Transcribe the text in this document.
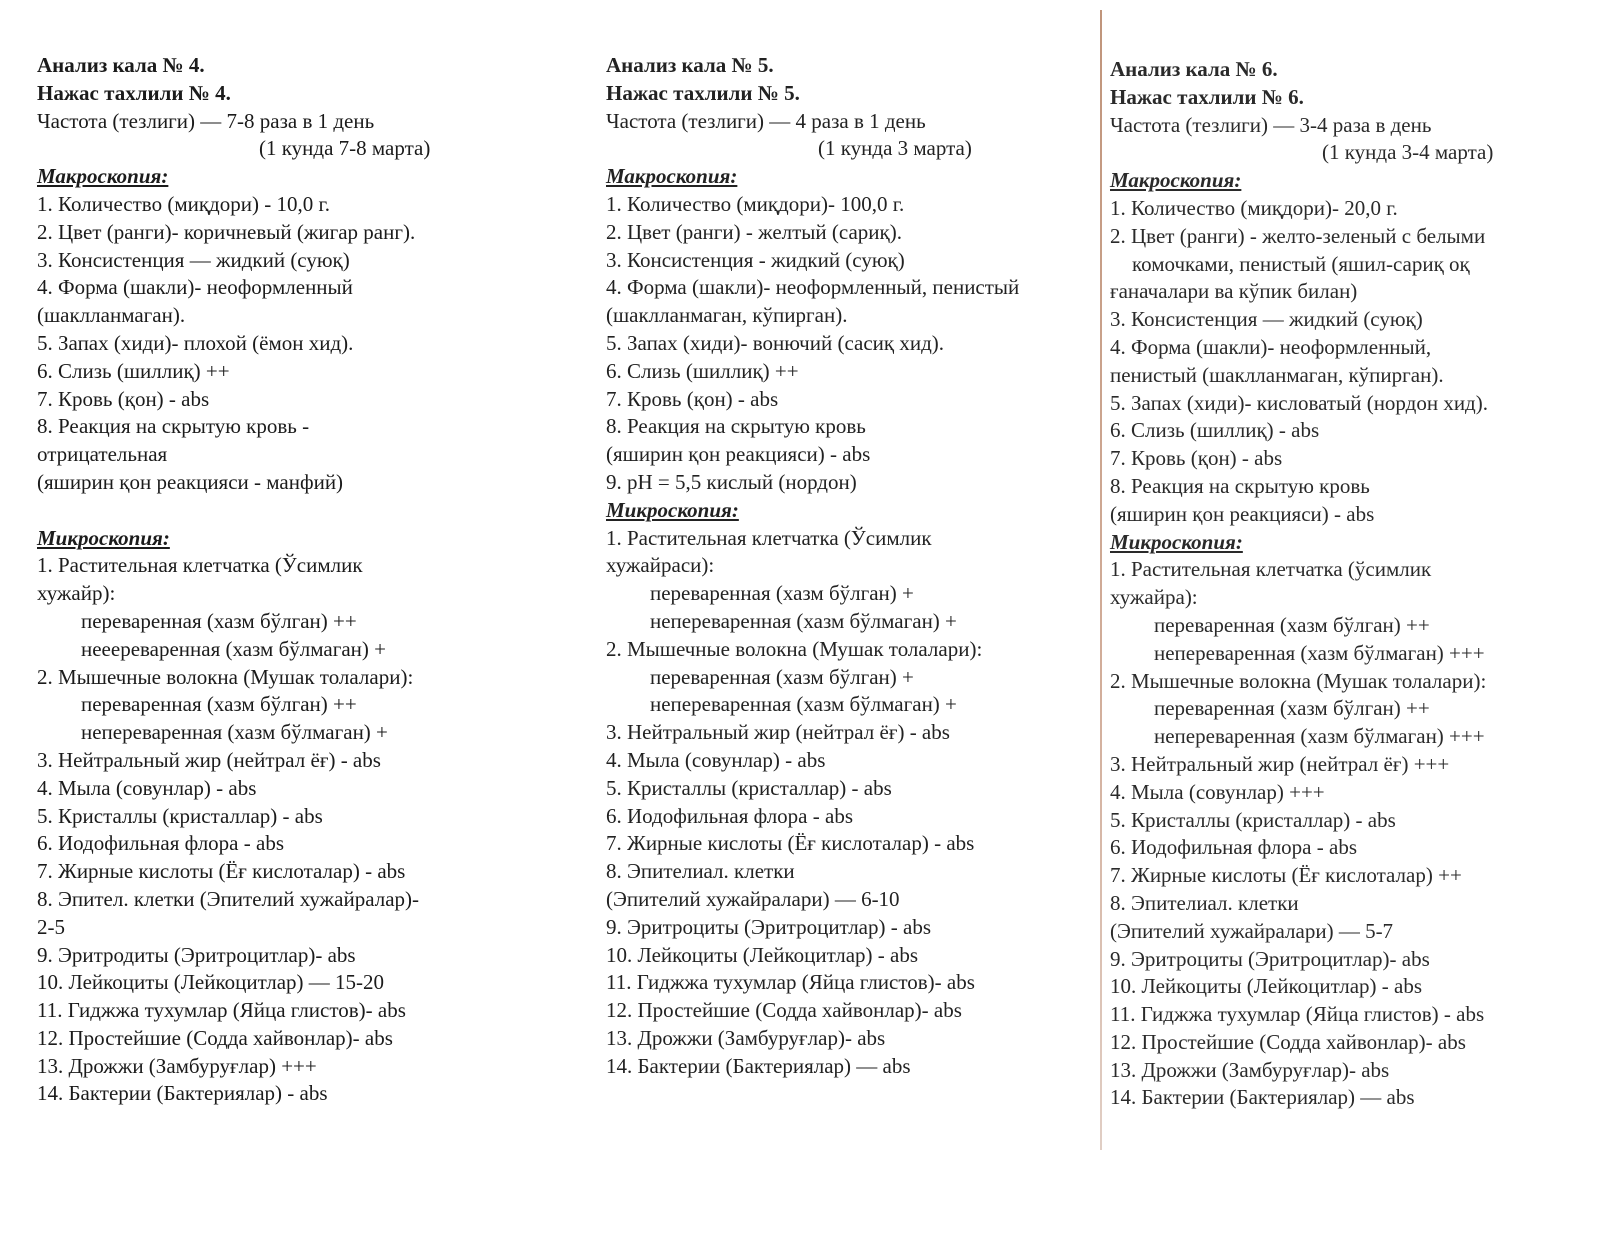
Анализ кала № 4.
Нажас тахлили № 4.
Частота (тезлиги) — 7-8 раза в 1 день
(1 кунда 7-8 марта)
Макроскопия:
1. Количество (миқдори) - 10,0 г.
2. Цвет (ранги)- коричневый (жигар ранг).
3. Консистенция — жидкий (суюқ)
4. Форма (шакли)- неоформленный
(шаклланмаган).
5. Запах (хиди)- плохой (ёмон хид).
6. Слизь (шиллиқ) ++
7. Кровь (қон) - abs
8. Реакция на скрытую кровь -
отрицательная
(яширин қон реакцияси - манфий)
Микроскопия:
1. Растительная клетчатка (Ўсимлик
хужайр):
переваренная (хазм бўлган) ++
нееереваренная (хазм бўлмаган) +
2. Мышечные волокна (Мушак толалари):
переваренная (хазм бўлган) ++
непереваренная (хазм бўлмаган) +
3. Нейтральный жир (нейтрал ёғ) - abs
4. Мыла (совунлар) - abs
5. Кристаллы (кристаллар) - abs
6. Иодофильная флора - abs
7. Жирные кислоты (Ёғ кислоталар) - abs
8. Эпител. клетки (Эпителий хужайралар)-
2-5
9. Эритродиты (Эритроцитлар)- abs
10. Лейкоциты (Лейкоцитлар) — 15-20
11. Гиджжа тухумлар (Яйца глистов)- abs
12. Простейшие (Содда хайвонлар)- abs
13. Дрожжи (Замбуруғлар) +++
14. Бактерии (Бактериялар) - abs
Анализ кала № 5.
Нажас тахлили № 5.
Частота (тезлиги) — 4 раза в 1 день
(1 кунда 3 марта)
Макроскопия:
1. Количество (миқдори)- 100,0 г.
2. Цвет (ранги) - желтый (сариқ).
3. Консистенция - жидкий (суюқ)
4. Форма (шакли)- неоформленный, пенистый
(шаклланмаган, кўпирган).
5. Запах (хиди)- вонючий (сасиқ хид).
6. Слизь (шиллиқ) ++
7. Кровь (қон) - abs
8. Реакция на скрытую кровь
(яширин қон реакцияси) - abs
9. pH = 5,5 кислый (нордон)
Микроскопия:
1. Растительная клетчатка (Ўсимлик
хужайраси):
переваренная (хазм бўлган) +
непереваренная (хазм бўлмаган) +
2. Мышечные волокна (Мушак толалари):
переваренная (хазм бўлган) +
непереваренная (хазм бўлмаган) +
3. Нейтральный жир (нейтрал ёғ) - abs
4. Мыла (совунлар) - abs
5. Кристаллы (кристаллар) - abs
6. Иодофильная флора - abs
7. Жирные кислоты (Ёғ кислоталар) - abs
8. Эпителиал. клетки
(Эпителий хужайралари) — 6-10
9. Эритроциты (Эритроцитлар) - abs
10. Лейкоциты (Лейкоцитлар) - abs
11. Гиджжа тухумлар (Яйца глистов)- abs
12. Простейшие (Содда хайвонлар)- abs
13. Дрожжи (Замбуруғлар)- abs
14. Бактерии (Бактериялар) — abs
Анализ кала № 6.
Нажас тахлили № 6.
Частота (тезлиги) — 3-4 раза в день
(1 кунда 3-4 марта)
Макроскопия:
1. Количество (миқдори)- 20,0 г.
2. Цвет (ранги) - желто-зеленый с белыми
комочками, пенистый (яшил-сариқ оқ
ғаначалари ва кўпик билан)
3. Консистенция — жидкий (суюқ)
4. Форма (шакли)- неоформленный,
пенистый (шаклланмаган, кўпирган).
5. Запах (хиди)- кисловатый (нордон хид).
6. Слизь (шиллиқ) - abs
7. Кровь (қон) - abs
8. Реакция на скрытую кровь
(яширин қон реакцияси) - abs
Микроскопия:
1. Растительная клетчатка (ўсимлик
хужайра):
переваренная (хазм бўлган) ++
непереваренная (хазм бўлмаган) +++
2. Мышечные волокна (Мушак толалари):
переваренная (хазм бўлган) ++
непереваренная (хазм бўлмаган) +++
3. Нейтральный жир (нейтрал ёғ) +++
4. Мыла (совунлар) +++
5. Кристаллы (кристаллар) - abs
6. Иодофильная флора - abs
7. Жирные кислоты (Ёғ кислоталар) ++
8. Эпителиал. клетки
(Эпителий хужайралари) — 5-7
9. Эритроциты (Эритроцитлар)- abs
10. Лейкоциты (Лейкоцитлар) - abs
11. Гиджжа тухумлар (Яйца глистов) - abs
12. Простейшие (Содда хайвонлар)- abs
13. Дрожжи (Замбуруғлар)- abs
14. Бактерии (Бактериялар) — abs
